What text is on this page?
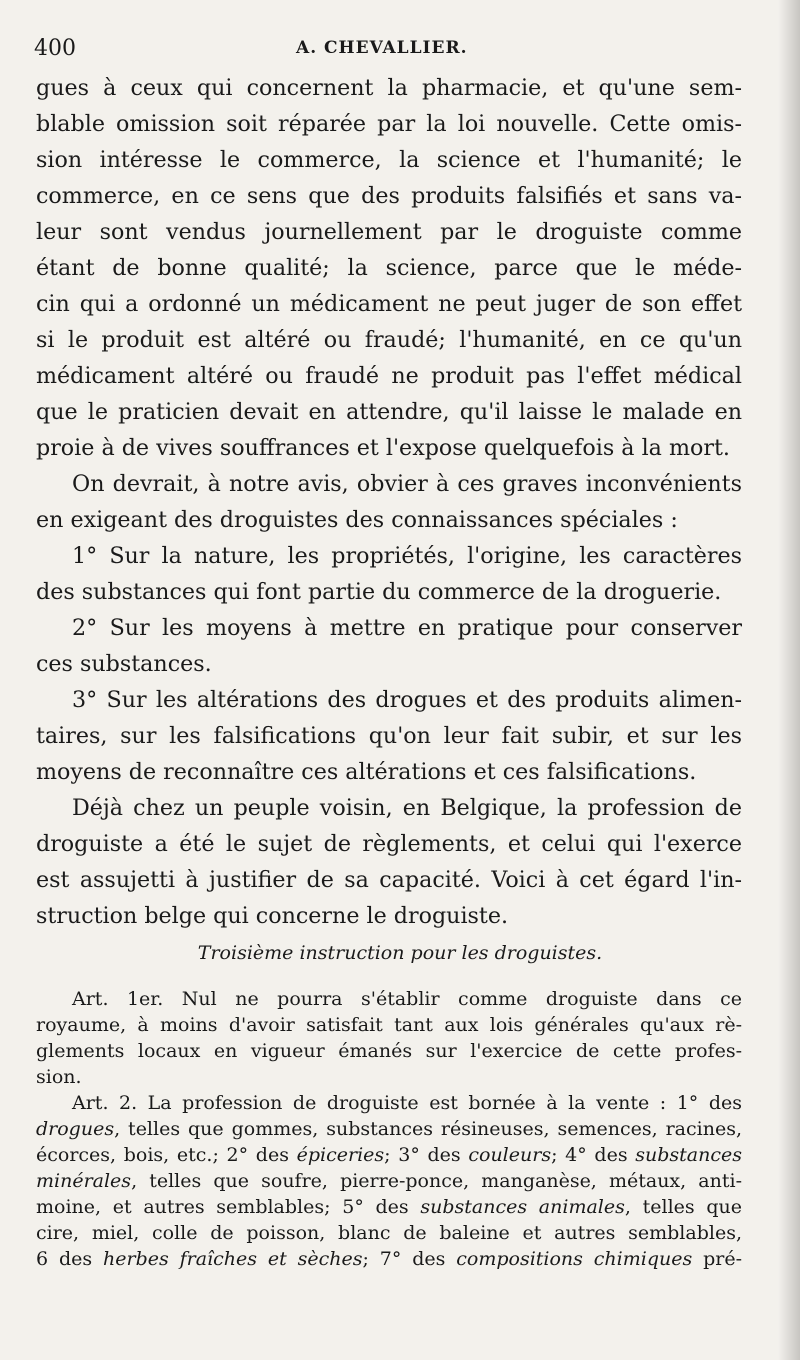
400	A. CHEVALLIER.
gues à ceux qui concernent la pharmacie, et qu'une sem-
blable omission soit réparée par la loi nouvelle. Cette omis-
sion intéresse le commerce, la science et l'humanité; le
commerce, en ce sens que des produits falsifiés et sans va-
leur sont vendus journellement par le droguiste comme
étant de bonne qualité; la science, parce que le méde-
cin qui a ordonné un médicament ne peut juger de son effet
si le produit est altéré ou fraudé; l'humanité, en ce qu'un
médicament altéré ou fraudé ne produit pas l'effet médical
que le praticien devait en attendre, qu'il laisse le malade en
proie à de vives souffrances et l'expose quelquefois à la mort.
On devrait, à notre avis, obvier à ces graves inconvénients
en exigeant des droguistes des connaissances spéciales :
1° Sur la nature, les propriétés, l'origine, les caractères
des substances qui font partie du commerce de la droguerie.
2° Sur les moyens à mettre en pratique pour conserver
ces substances.
3° Sur les altérations des drogues et des produits alimen-
taires, sur les falsifications qu'on leur fait subir, et sur les
moyens de reconnaître ces altérations et ces falsifications.
Déjà chez un peuple voisin, en Belgique, la profession de
droguiste a été le sujet de règlements, et celui qui l'exerce
est assujetti à justifier de sa capacité. Voici à cet égard l'in-
struction belge qui concerne le droguiste.
Troisième instruction pour les droguistes.
Art. 1er. Nul ne pourra s'établir comme droguiste dans ce
royaume, à moins d'avoir satisfait tant aux lois générales qu'aux rè-
glements locaux en vigueur émanés sur l'exercice de cette profes-
sion.
Art. 2. La profession de droguiste est bornée à la vente : 1° des
drogues, telles que gommes, substances résineuses, semences, racines,
écorces, bois, etc.; 2° des épiceries; 3° des couleurs; 4° des substances
minérales, telles que soufre, pierre-ponce, manganèse, métaux, anti-
moine, et autres semblables; 5° des substances animales, telles que
cire, miel, colle de poisson, blanc de baleine et autres semblables,
6 des herbes fraîches et sèches; 7° des compositions chimiques pré-
